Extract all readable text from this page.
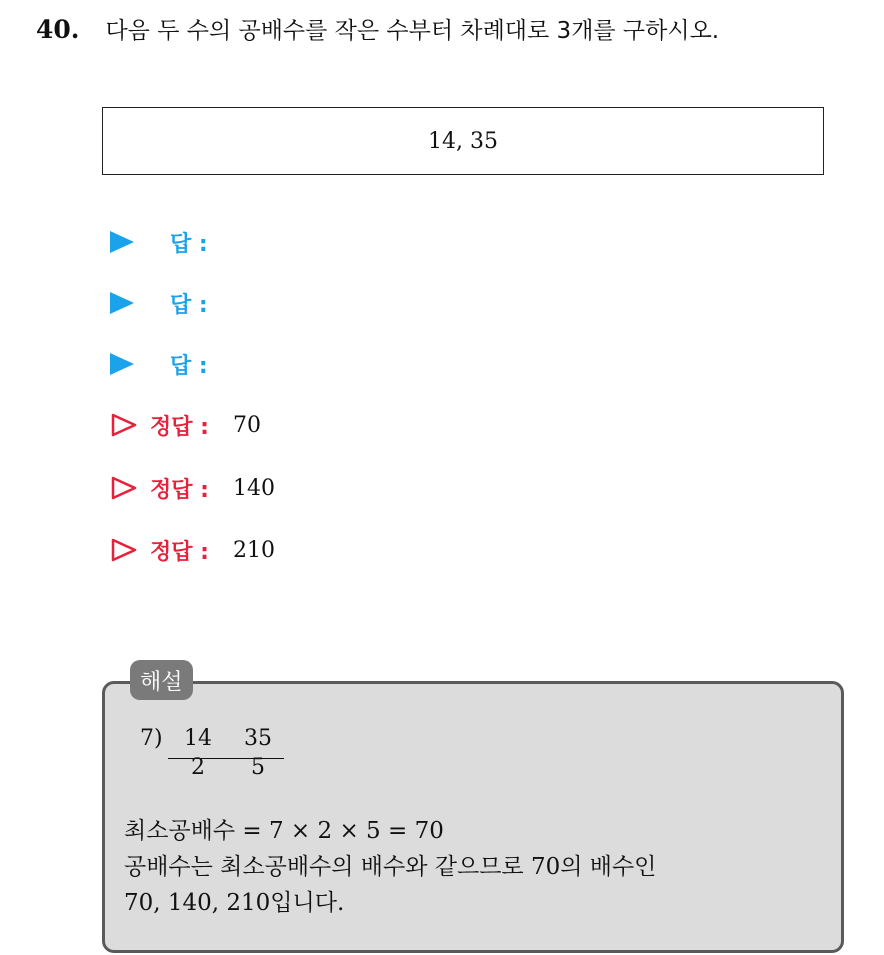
40. 다음 두 수의 공배수를 작은 수부터 차례대로 3개를 구하시오.
14, 35
답 :
답 :
답 :
정답 : 70
정답 : 140
정답 : 210
해설
7) 14	35
2	5
최소공배수 = 7 × 2 × 5 = 70
공배수는 최소공배수의 배수와 같으므로 70의 배수인
70, 140, 210입니다.
